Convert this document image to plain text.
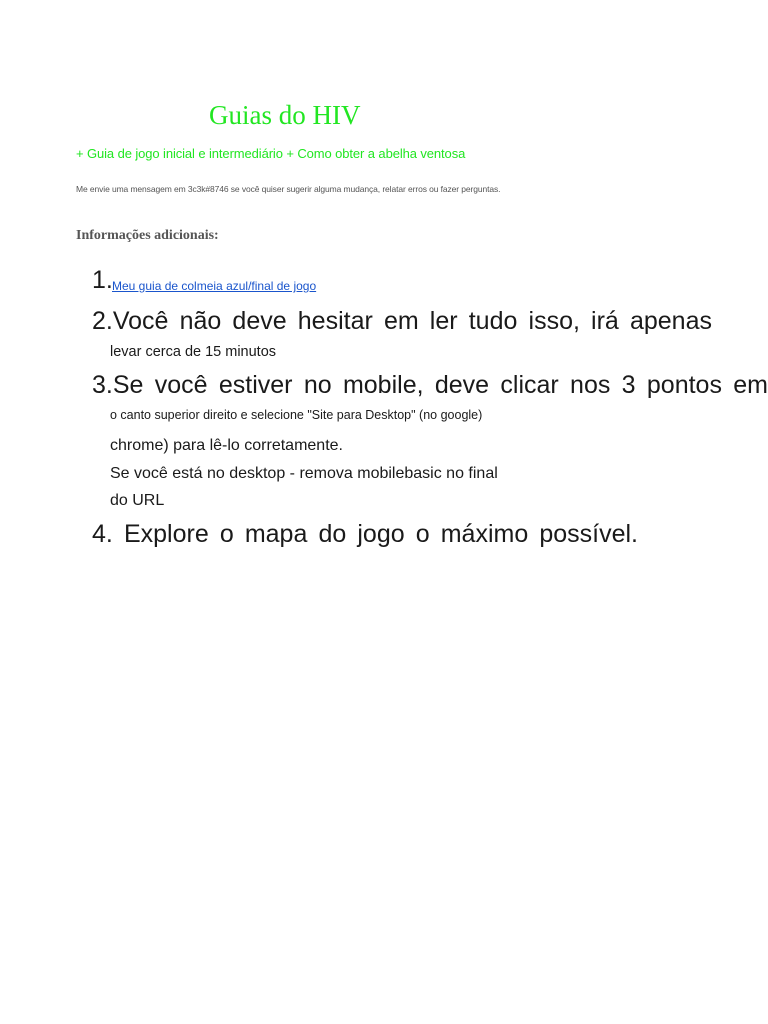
Guias do HIV
+ Guia de jogo inicial e intermediário + Como obter a abelha ventosa
Me envie uma mensagem em 3c3k#8746 se você quiser sugerir alguma mudança, relatar erros ou fazer perguntas.
Informações adicionais:
1. Meu guia de colmeia azul/final de jogo
2.Você não deve hesitar em ler tudo isso, irá apenas
levar cerca de 15 minutos
3.Se você estiver no mobile, deve clicar nos 3 pontos em
o canto superior direito e selecione "Site para Desktop" (no google)
chrome) para lê-lo corretamente.
Se você está no desktop - remova mobilebasic no final
do URL
4. Explore o mapa do jogo o máximo possível.
